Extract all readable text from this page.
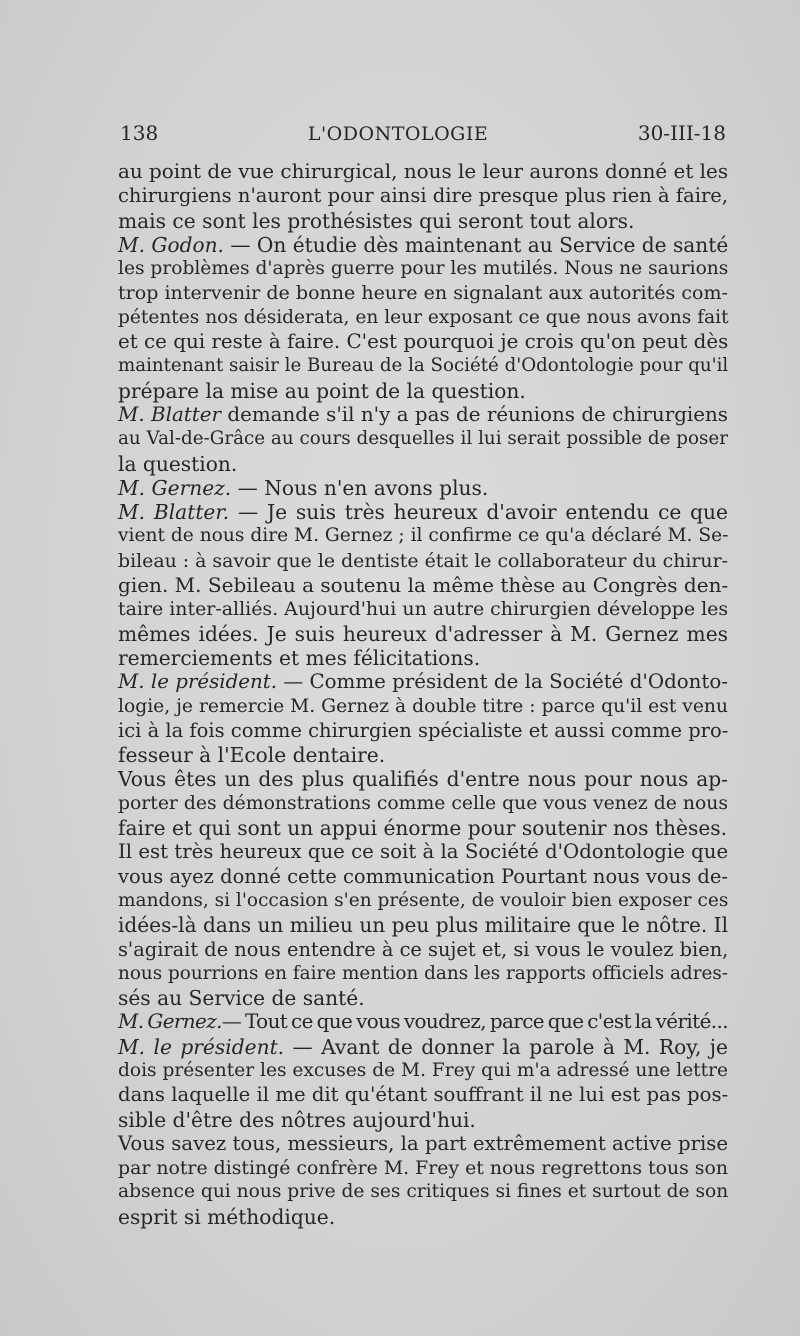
138	L'ODONTOLOGIE	30-III-18
au point de vue chirurgical, nous le leur aurons donné et les
chirurgiens n'auront pour ainsi dire presque plus rien à faire,
mais ce sont les prothésistes qui seront tout alors.
M. Godon. — On étudie dès maintenant au Service de santé
les problèmes d'après guerre pour les mutilés. Nous ne saurions
trop intervenir de bonne heure en signalant aux autorités com-
pétentes nos désiderata, en leur exposant ce que nous avons fait
et ce qui reste à faire. C'est pourquoi je crois qu'on peut dès
maintenant saisir le Bureau de la Société d'Odontologie pour qu'il
prépare la mise au point de la question.
M. Blatter demande s'il n'y a pas de réunions de chirurgiens
au Val-de-Grâce au cours desquelles il lui serait possible de poser
la question.
M. Gernez. — Nous n'en avons plus.
M. Blatter. — Je suis très heureux d'avoir entendu ce que
vient de nous dire M. Gernez ; il confirme ce qu'a déclaré M. Se-
bileau : à savoir que le dentiste était le collaborateur du chirur-
gien. M. Sebileau a soutenu la même thèse au Congrès den-
taire inter-alliés. Aujourd'hui un autre chirurgien développe les
mêmes idées. Je suis heureux d'adresser à M. Gernez mes
remerciements et mes félicitations.
M. le président. — Comme président de la Société d'Odonto-
logie, je remercie M. Gernez à double titre : parce qu'il est venu
ici à la fois comme chirurgien spécialiste et aussi comme pro-
fesseur à l'Ecole dentaire.
Vous êtes un des plus qualifiés d'entre nous pour nous ap-
porter des démonstrations comme celle que vous venez de nous
faire et qui sont un appui énorme pour soutenir nos thèses.
Il est très heureux que ce soit à la Société d'Odontologie que
vous ayez donné cette communication Pourtant nous vous de-
mandons, si l'occasion s'en présente, de vouloir bien exposer ces
idées-là dans un milieu un peu plus militaire que le nôtre. Il
s'agirait de nous entendre à ce sujet et, si vous le voulez bien,
nous pourrions en faire mention dans les rapports officiels adres-
sés au Service de santé.
M. Gernez.— Tout ce que vous voudrez, parce que c'est la vérité...
M. le président. — Avant de donner la parole à M. Roy, je
dois présenter les excuses de M. Frey qui m'a adressé une lettre
dans laquelle il me dit qu'étant souffrant il ne lui est pas pos-
sible d'être des nôtres aujourd'hui.
Vous savez tous, messieurs, la part extrêmement active prise
par notre distingé confrère M. Frey et nous regrettons tous son
absence qui nous prive de ses critiques si fines et surtout de son
esprit si méthodique.
